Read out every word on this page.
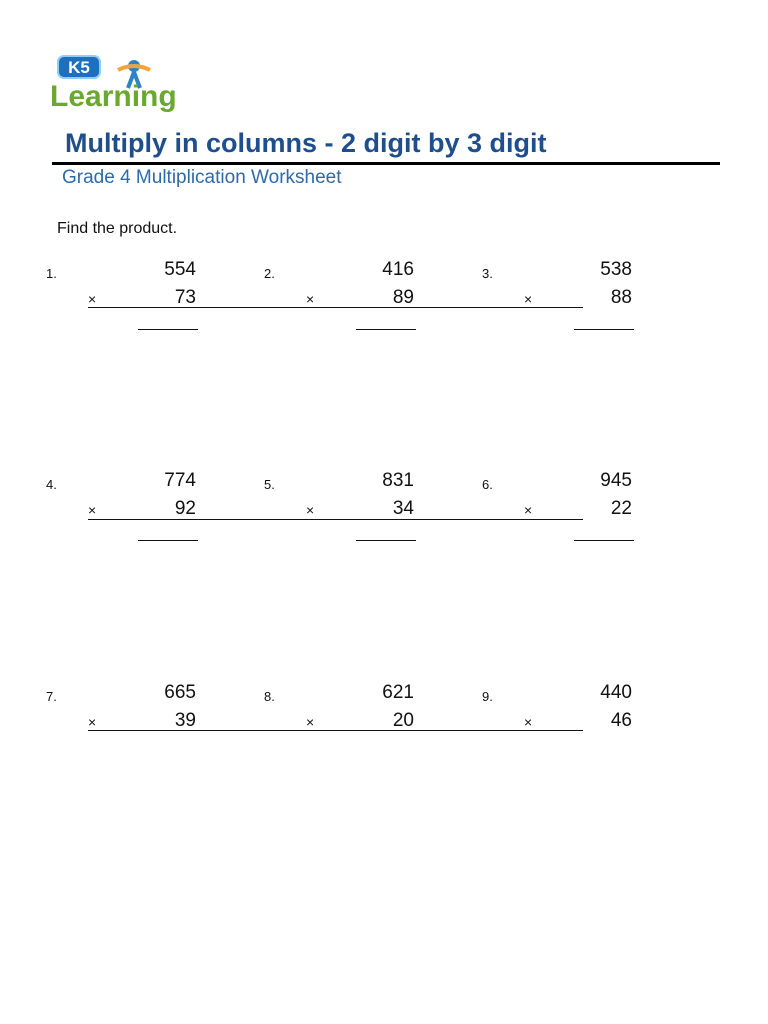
K5
Learning
Multiply in columns - 2 digit by 3 digit
Grade 4 Multiplication Worksheet
Find the product.
1.	554
×	73
2.	416
×	89
3.	538
×	88
4.	774
×	92
5.	831
×	34
6.	945
×	22
7.	665
×	39
8.	621
×	20
9.	440
×	46
